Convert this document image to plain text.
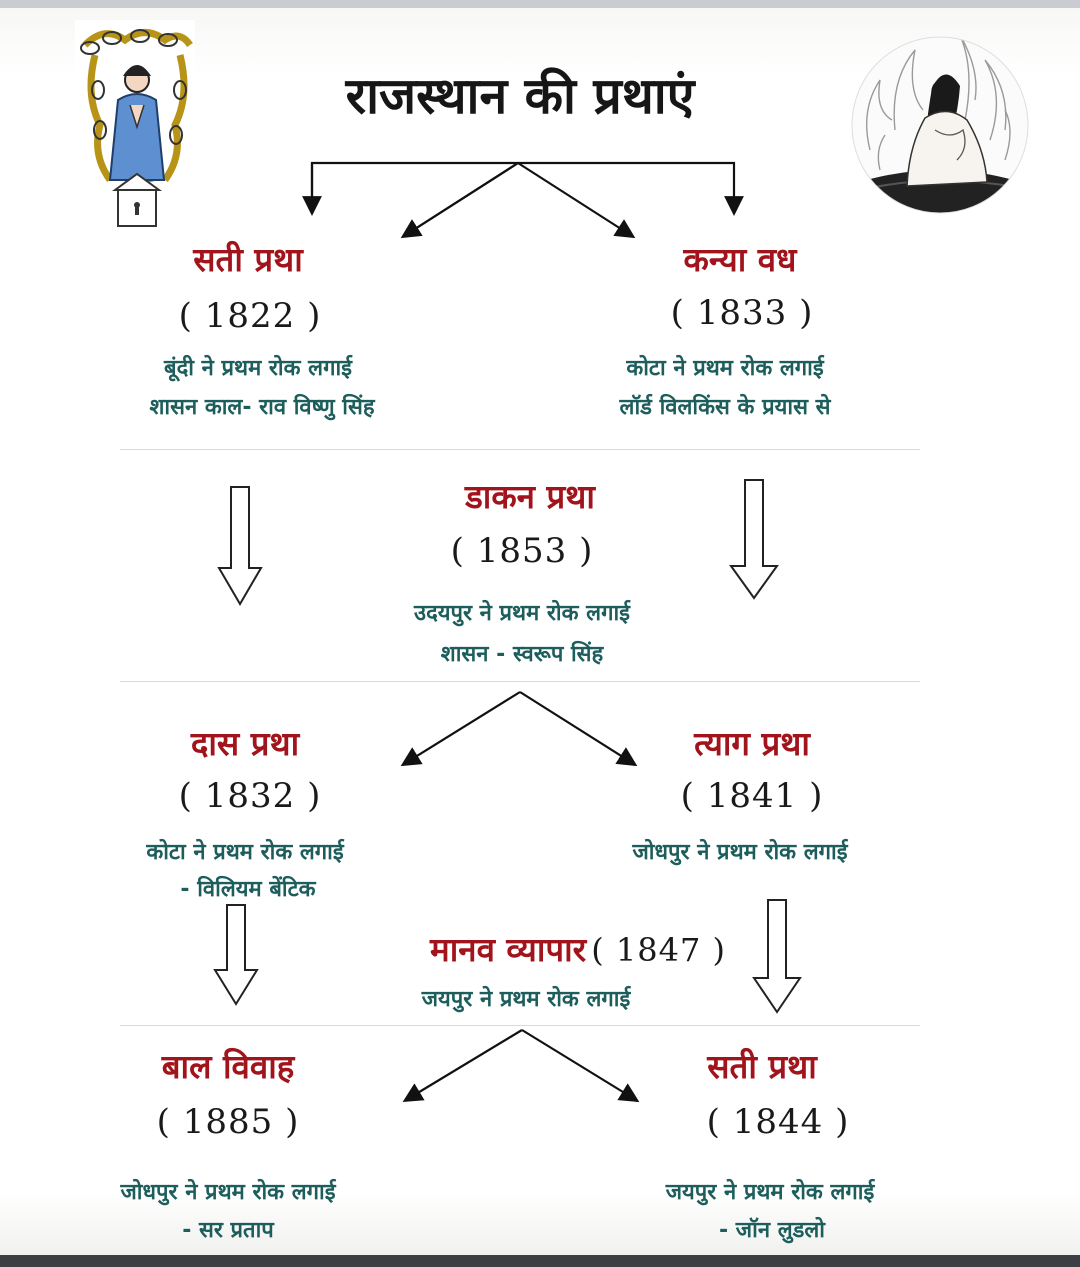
राजस्थान की प्रथाएं
सती प्रथा
( 1822 )
बूंदी ने प्रथम रोक लगाई
शासन काल- राव विष्णु सिंह
कन्या वध
( 1833 )
कोटा ने प्रथम रोक लगाई
लॉर्ड विलकिंस के प्रयास से
डाकन प्रथा
( 1853 )
उदयपुर ने प्रथम रोक लगाई
शासन - स्वरूप सिंह
दास प्रथा
( 1832 )
कोटा ने प्रथम रोक लगाई
- विलियम बेंटिक
त्याग प्रथा
( 1841 )
जोधपुर ने प्रथम रोक लगाई
मानव व्यापार ( 1847 )
जयपुर ने प्रथम रोक लगाई
बाल विवाह
( 1885 )
जोधपुर ने प्रथम रोक लगाई
- सर प्रताप
सती प्रथा
( 1844 )
जयपुर ने प्रथम रोक लगाई
- जॉन लुडलो
